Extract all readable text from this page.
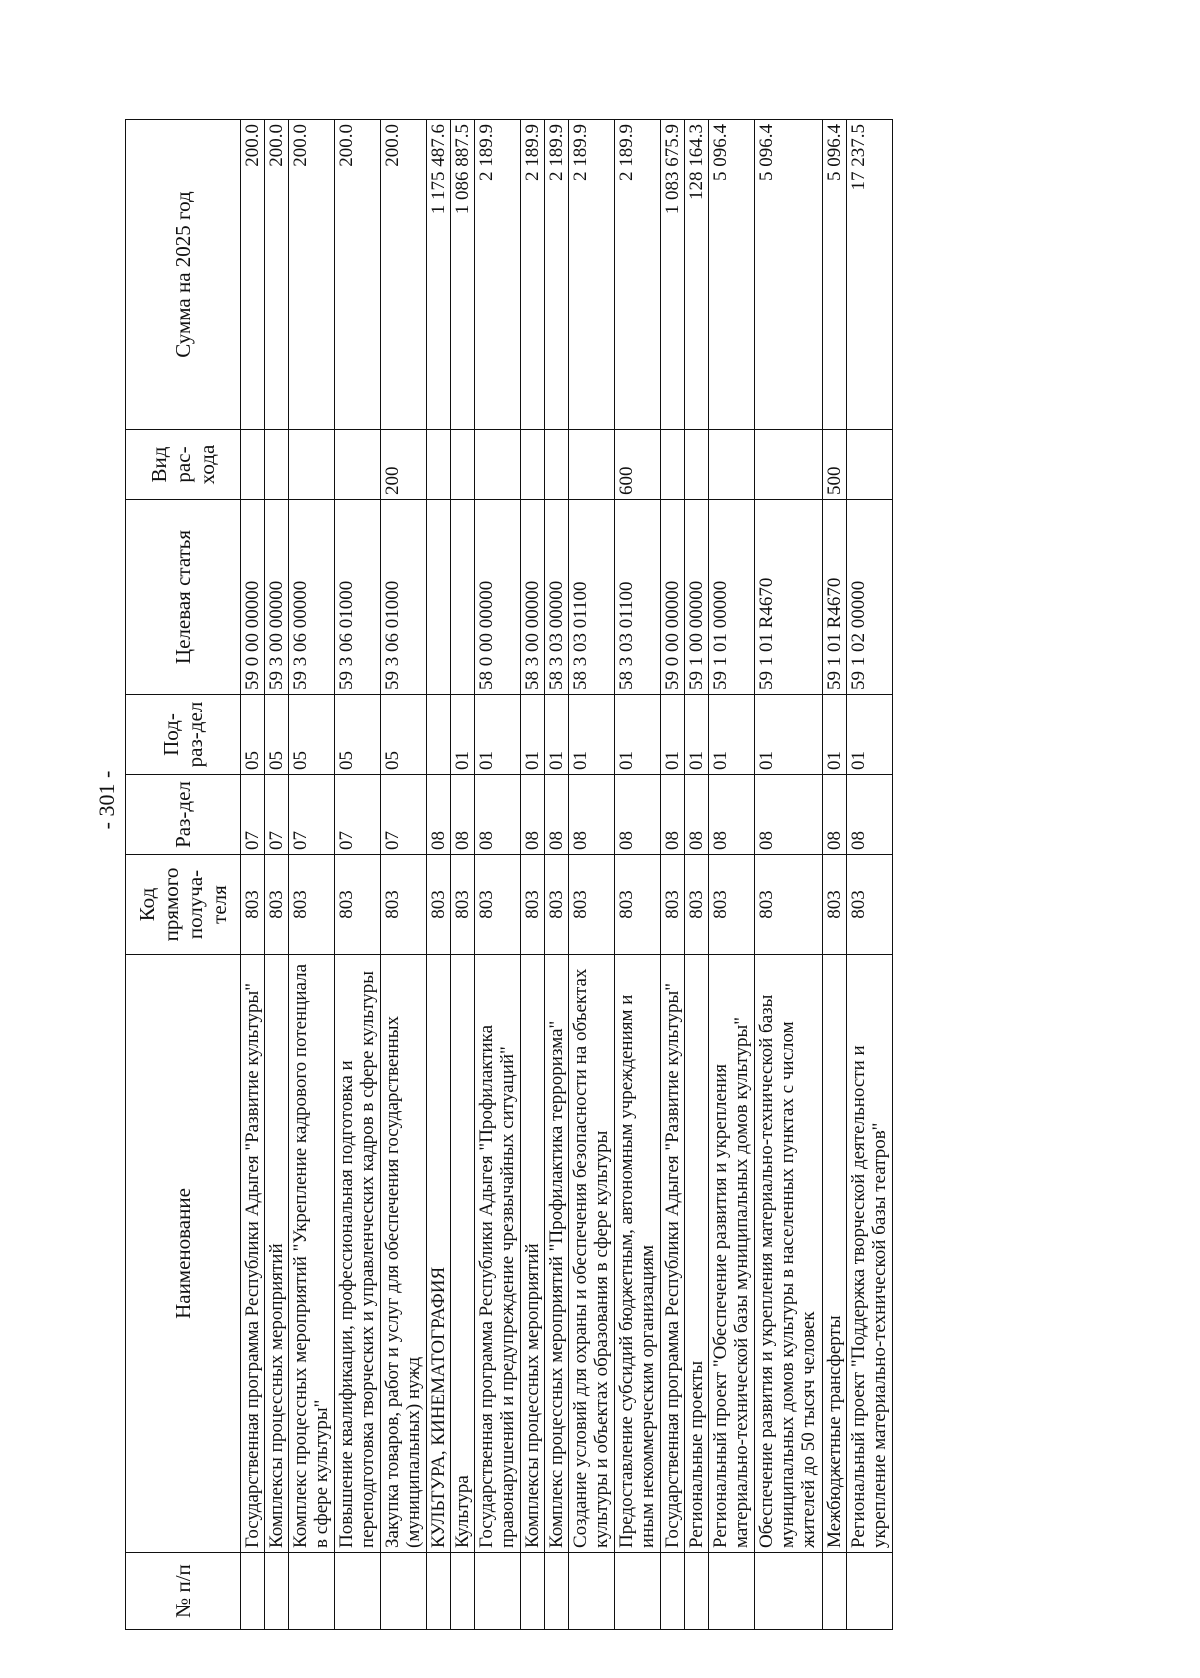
- 301 -
№ п/п	Наименование	Код прямого получа-теля	Раз-дел	Под-раз-дел	Целевая статья	Вид рас-хода	Сумма на 2025 год
	Государственная программа Республики Адыгея "Развитие культуры"	803	07	05	59 0 00 00000		200.0
	Комплексы процессных мероприятий	803	07	05	59 3 00 00000		200.0
	Комплекс процессных мероприятий "Укрепление кадрового потенциала в сфере культуры"	803	07	05	59 3 06 00000		200.0
	Повышение квалификации, профессиональная подготовка и переподготовка творческих и управленческих кадров в сфере культуры	803	07	05	59 3 06 01000		200.0
	Закупка товаров, работ и услуг для обеспечения государственных (муниципальных) нужд	803	07	05	59 3 06 01000	200	200.0
	КУЛЬТУРА, КИНЕМАТОГРАФИЯ	803	08				1 175 487.6
	Культура	803	08	01			1 086 887.5
	Государственная программа Республики Адыгея "Профилактика правонарушений и предупреждение чрезвычайных ситуаций"	803	08	01	58 0 00 00000		2 189.9
	Комплексы процессных мероприятий	803	08	01	58 3 00 00000		2 189.9
	Комплекс процессных мероприятий "Профилактика терроризма"	803	08	01	58 3 03 00000		2 189.9
	Создание условий для охраны и обеспечения безопасности на объектах культуры и объектах образования в сфере культуры	803	08	01	58 3 03 01100		2 189.9
	Предоставление субсидий бюджетным, автономным учреждениям и иным некоммерческим организациям	803	08	01	58 3 03 01100	600	2 189.9
	Государственная программа Республики Адыгея "Развитие культуры"	803	08	01	59 0 00 00000		1 083 675.9
	Региональные проекты	803	08	01	59 1 00 00000		128 164.3
	Региональный проект "Обеспечение развития и укрепления материально-технической базы муниципальных домов культуры"	803	08	01	59 1 01 00000		5 096.4
	Обеспечение развития и укрепления материально-технической базы муниципальных домов культуры в населенных пунктах с числом жителей до 50 тысяч человек	803	08	01	59 1 01 R4670		5 096.4
	Межбюджетные трансферты	803	08	01	59 1 01 R4670	500	5 096.4
	Региональный проект "Поддержка творческой деятельности и укрепление материально-технической базы театров"	803	08	01	59 1 02 00000		17 237.5
